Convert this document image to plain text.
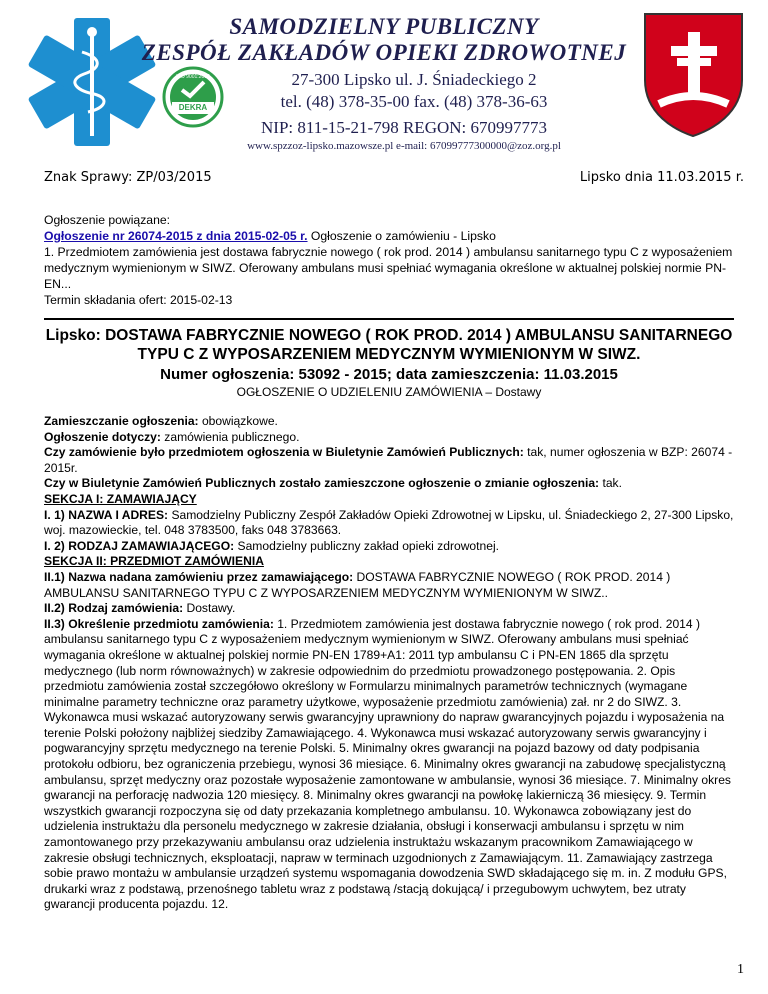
DEKRA
ISO 9001:2008
SAMODZIELNY PUBLICZNY
ZESPÓŁ ZAKŁADÓW OPIEKI ZDROWOTNEJ
27-300 Lipsko ul. J. Śniadeckiego 2
tel. (48) 378-35-00 fax. (48) 378-36-63
NIP: 811-15-21-798 REGON: 670997773
www.spzzoz-lipsko.mazowsze.pl e-mail: 67099777300000@zoz.org.pl
Znak Sprawy: ZP/03/2015	Lipsko dnia 11.03.2015 r.
Ogłoszenie powiązane:
Ogłoszenie nr 26074-2015 z dnia 2015-02-05 r. Ogłoszenie o zamówieniu - Lipsko
1. Przedmiotem zamówienia jest dostawa fabrycznie nowego ( rok prod. 2014 ) ambulansu sanitarnego typu C z wyposażeniem medycznym wymienionym w SIWZ. Oferowany ambulans musi spełniać wymagania określone w aktualnej polskiej normie PN-EN...
Termin składania ofert: 2015-02-13
Lipsko: DOSTAWA FABRYCZNIE NOWEGO ( ROK PROD. 2014 ) AMBULANSU SANITARNEGO TYPU C Z WYPOSARZENIEM MEDYCZNYM WYMIENIONYM W SIWZ.
Numer ogłoszenia: 53092 - 2015; data zamieszczenia: 11.03.2015
OGŁOSZENIE O UDZIELENIU ZAMÓWIENIA – Dostawy

Zamieszczanie ogłoszenia: obowiązkowe.

Ogłoszenie dotyczy: zamówienia publicznego.

Czy zamówienie było przedmiotem ogłoszenia w Biuletynie Zamówień Publicznych: tak, numer ogłoszenia w BZP: 26074 - 2015r.

Czy w Biuletynie Zamówień Publicznych zostało zamieszczone ogłoszenie o zmianie ogłoszenia: tak.

SEKCJA I: ZAMAWIAJĄCY

I. 1) NAZWA I ADRES: Samodzielny Publiczny Zespół Zakładów Opieki Zdrowotnej w Lipsku, ul. Śniadeckiego 2, 27-300 Lipsko, woj. mazowieckie, tel. 048 3783500, faks 048 3783663.

I. 2) RODZAJ ZAMAWIAJĄCEGO: Samodzielny publiczny zakład opieki zdrowotnej.

SEKCJA II: PRZEDMIOT ZAMÓWIENIA

II.1) Nazwa nadana zamówieniu przez zamawiającego: DOSTAWA FABRYCZNIE NOWEGO ( ROK PROD. 2014 ) AMBULANSU SANITARNEGO TYPU C Z WYPOSARZENIEM MEDYCZNYM WYMIENIONYM W SIWZ..

II.2) Rodzaj zamówienia: Dostawy.

II.3) Określenie przedmiotu zamówienia: 1. Przedmiotem zamówienia jest dostawa fabrycznie nowego ( rok prod. 2014 ) ambulansu sanitarnego typu C z wyposażeniem medycznym wymienionym w SIWZ. Oferowany ambulans musi spełniać wymagania określone w aktualnej polskiej normie PN-EN 1789+A1: 2011 typ ambulansu C i PN-EN 1865 dla sprzętu medycznego (lub norm równoważnych) w zakresie odpowiednim do przedmiotu prowadzonego postępowania. 2. Opis przedmiotu zamówienia został szczegółowo określony w Formularzu minimalnych parametrów technicznych (wymagane minimalne parametry techniczne oraz parametry użytkowe, wyposażenie przedmiotu zamówienia) zał. nr 2 do SIWZ. 3. Wykonawca musi wskazać autoryzowany serwis gwarancyjny uprawniony do napraw gwarancyjnych pojazdu i wyposażenia na terenie Polski położony najbliżej siedziby Zamawiającego. 4. Wykonawca musi wskazać autoryzowany serwis gwarancyjny i pogwarancyjny sprzętu medycznego na terenie Polski. 5. Minimalny okres gwarancji na pojazd bazowy od daty podpisania protokołu odbioru, bez ograniczenia przebiegu, wynosi 36 miesiące. 6. Minimalny okres gwarancji na zabudowę specjalistyczną ambulansu, sprzęt medyczny oraz pozostałe wyposażenie zamontowane w ambulansie, wynosi 36 miesiące. 7. Minimalny okres gwarancji na perforację nadwozia 120 miesięcy. 8. Minimalny okres gwarancji na powłokę lakierniczą 36 miesięcy. 9. Termin wszystkich gwarancji rozpoczyna się od daty przekazania kompletnego ambulansu. 10. Wykonawca zobowiązany jest do udzielenia instruktażu dla personelu medycznego w zakresie działania, obsługi i konserwacji ambulansu i sprzętu w nim zamontowanego przy przekazywaniu ambulansu oraz udzielenia instruktażu wskazanym pracownikom Zamawiającego w zakresie obsługi technicznych, eksploatacji, napraw w terminach uzgodnionych z Zamawiającym. 11. Zamawiający zastrzega sobie prawo montażu w ambulansie urządzeń systemu wspomagania dowodzenia SWD składającego się m. in. Z modułu GPS, drukarki wraz z podstawą, przenośnego tabletu wraz z podstawą /stacją dokującą/ i przegubowym uchwytem, bez utraty gwarancji producenta pojazdu. 12.

1
